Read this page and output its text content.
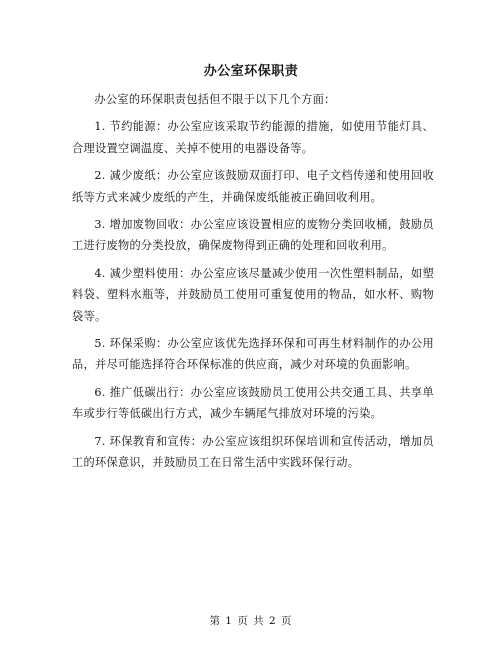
办公室环保职责

办公室的环保职责包括但不限于以下几个方面：

1. 节约能源：办公室应该采取节约能源的措施，如使用节能灯具、合理设置空调温度、关掉不使用的电器设备等。

2. 减少废纸：办公室应该鼓励双面打印、电子文档传递和使用回收纸等方式来减少废纸的产生，并确保废纸能被正确回收利用。

3. 增加废物回收：办公室应该设置相应的废物分类回收桶，鼓励员工进行废物的分类投放，确保废物得到正确的处理和回收利用。

4. 减少塑料使用：办公室应该尽量减少使用一次性塑料制品，如塑料袋、塑料水瓶等，并鼓励员工使用可重复使用的物品，如水杯、购物袋等。

5. 环保采购：办公室应该优先选择环保和可再生材料制作的办公用品，并尽可能选择符合环保标准的供应商，减少对环境的负面影响。

6. 推广低碳出行：办公室应该鼓励员工使用公共交通工具、共享单车或步行等低碳出行方式，减少车辆尾气排放对环境的污染。

7. 环保教育和宣传：办公室应该组织环保培训和宣传活动，增加员工的环保意识，并鼓励员工在日常生活中实践环保行动。

第 1 页 共 2 页
